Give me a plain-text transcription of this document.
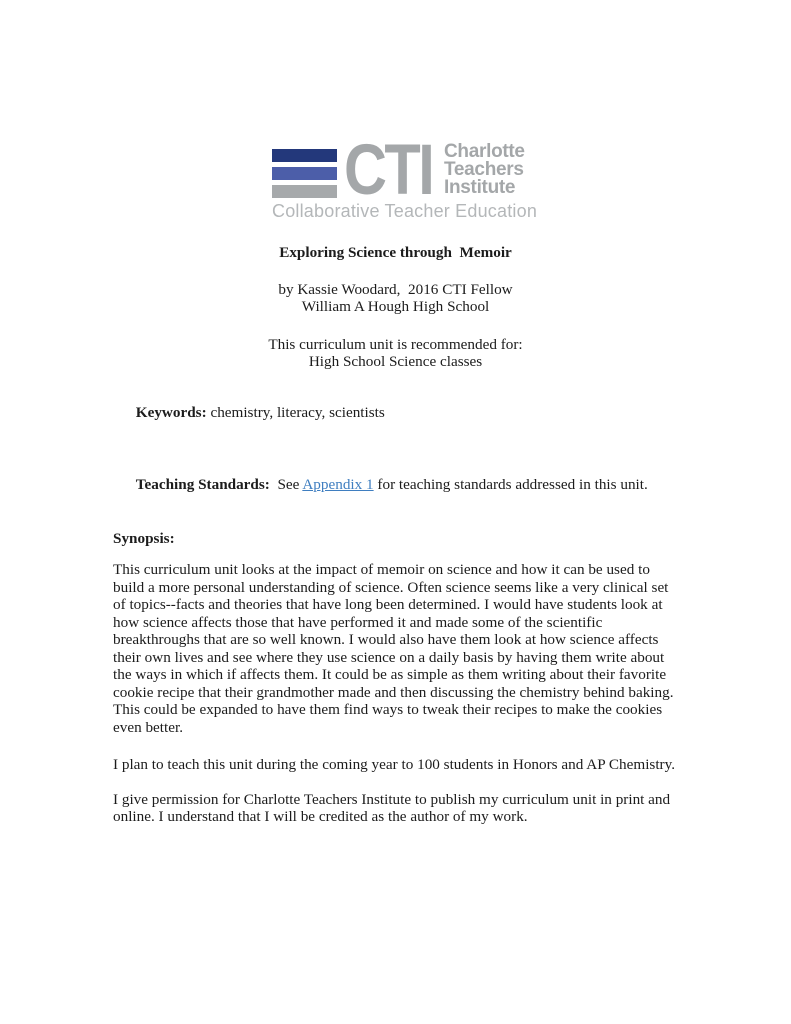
CTI Charlotte
Teachers
Institute
Collaborative Teacher Education
Exploring Science through  Memoir
by Kassie Woodard,  2016 CTI Fellow
William A Hough High School
This curriculum unit is recommended for:
High School Science classes

Keywords: chemistry, literacy, scientists

Teaching Standards:  See Appendix 1 for teaching standards addressed in this unit.

Synopsis:
This curriculum unit looks at the impact of memoir on science and how it can be used to build a more personal understanding of science. Often science seems like a very clinical set of topics--facts and theories that have long been determined. I would have students look at how science affects those that have performed it and made some of the scientific breakthroughs that are so well known. I would also have them look at how science affects their own lives and see where they use science on a daily basis by having them write about the ways in which if affects them. It could be as simple as them writing about their favorite cookie recipe that their grandmother made and then discussing the chemistry behind baking. This could be expanded to have them find ways to tweak their recipes to make the cookies even better.
I plan to teach this unit during the coming year to 100 students in Honors and AP Chemistry.
I give permission for Charlotte Teachers Institute to publish my curriculum unit in print and online. I understand that I will be credited as the author of my work.
